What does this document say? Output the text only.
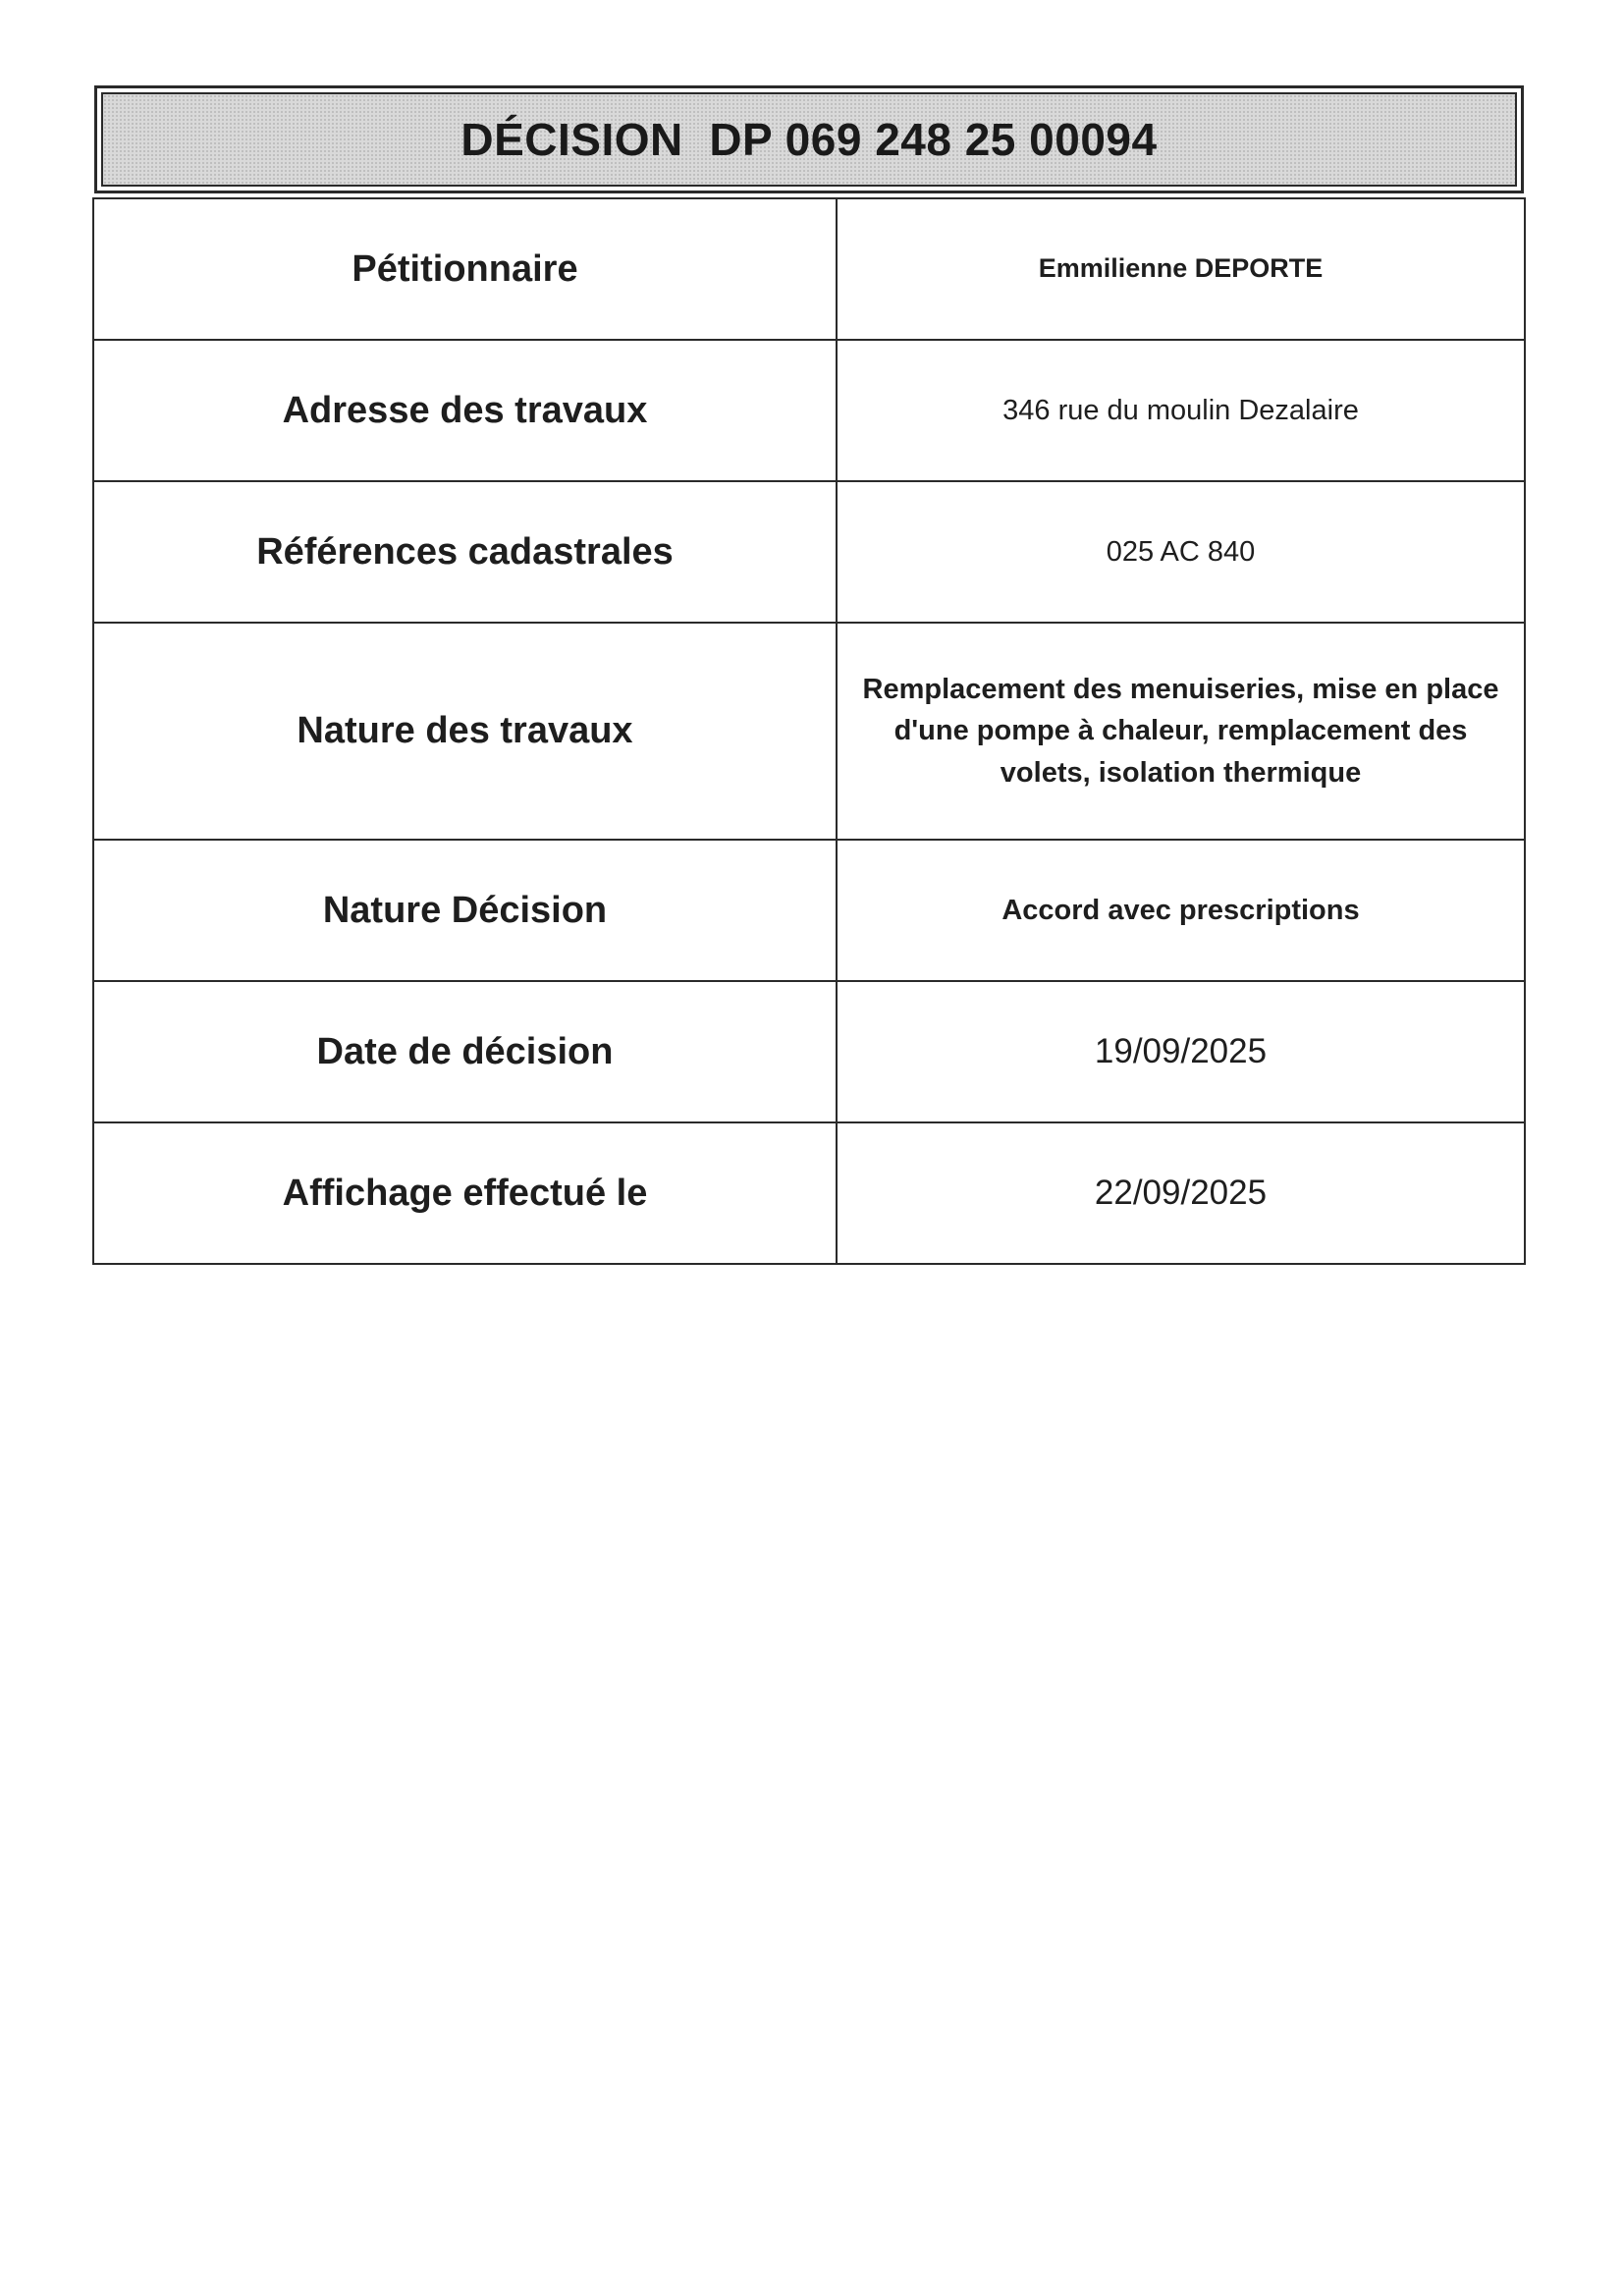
DÉCISION  DP 069 248 25 00094
Pétitionnaire	Emmilienne DEPORTE
Adresse des travaux	346 rue du moulin Dezalaire
Références cadastrales	025 AC 840
Nature des travaux	Remplacement des menuiseries, mise en place d'une pompe à chaleur, remplacement des volets, isolation thermique
Nature Décision	Accord avec prescriptions
Date de décision	19/09/2025
Affichage effectué le	22/09/2025
